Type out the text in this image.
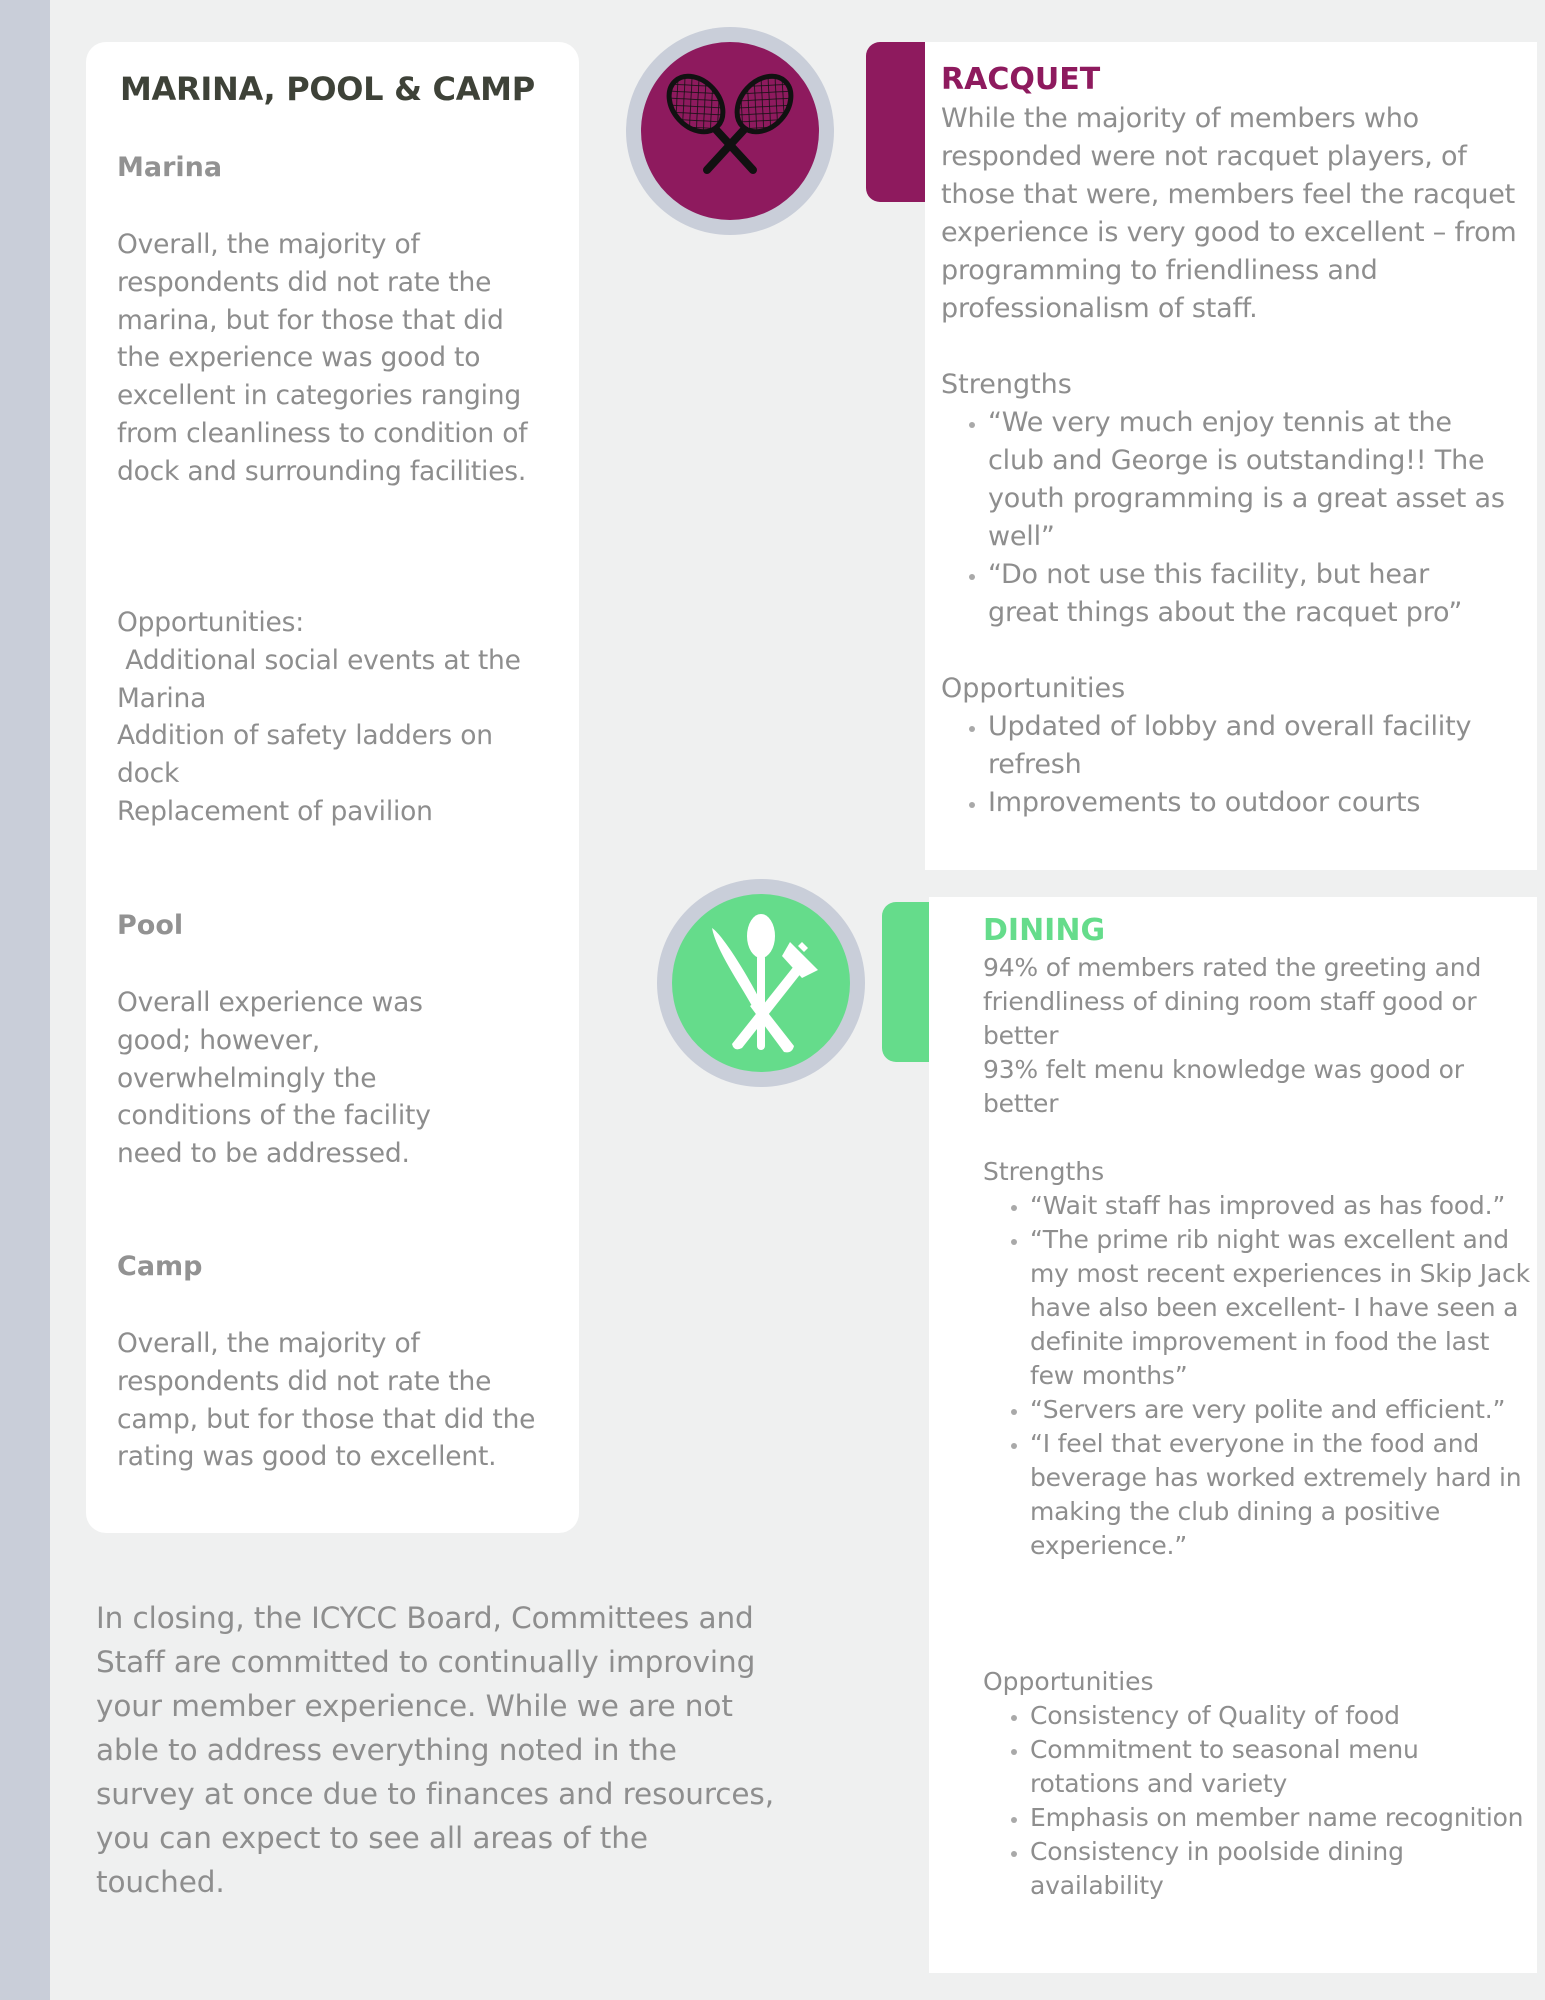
MARINA, POOL & CAMP
Marina

Overall, the majority of respondents did not rate the marina, but for those that did the experience was good to excellent in categories ranging from cleanliness to condition of dock and surrounding facilities.

Opportunities:
Additional social events at the Marina
Addition of safety ladders on dock
Replacement of pavilion
Pool

Overall experience was good; however, overwhelmingly the conditions of the facility need to be addressed.

Camp

Overall, the majority of respondents did not rate the camp, but for those that did the rating was good to excellent.

In closing, the ICYCC Board, Committees and Staff are committed to continually improving your member experience. While we are not able to address everything noted in the survey at once due to finances and resources, you can expect to see all areas of the touched.

RACQUET

While the majority of members who responded were not racquet players, of those that were, members feel the racquet experience is very good to excellent – from programming to friendliness and professionalism of staff.

Strengths

• “We very much enjoy tennis at the club and George is outstanding!! The youth programming is a great asset as well”
• “Do not use this facility, but hear great things about the racquet pro”

Opportunities

• Updated of lobby and overall facility refresh
• Improvements to outdoor courts
DINING

94% of members rated the greeting and friendliness of dining room staff good or better

93% felt menu knowledge was good or better

Strengths

• “Wait staff has improved as has food.”
• “The prime rib night was excellent and my most recent experiences in Skip Jack have also been excellent- I have seen a definite improvement in food the last few months”
• “Servers are very polite and efficient.”
• “I feel that everyone in the food and beverage has worked extremely hard in making the club dining a positive experience.”

Opportunities

• Consistency of Quality of food
• Commitment to seasonal menu rotations and variety
• Emphasis on member name recognition
• Consistency in poolside dining availability
